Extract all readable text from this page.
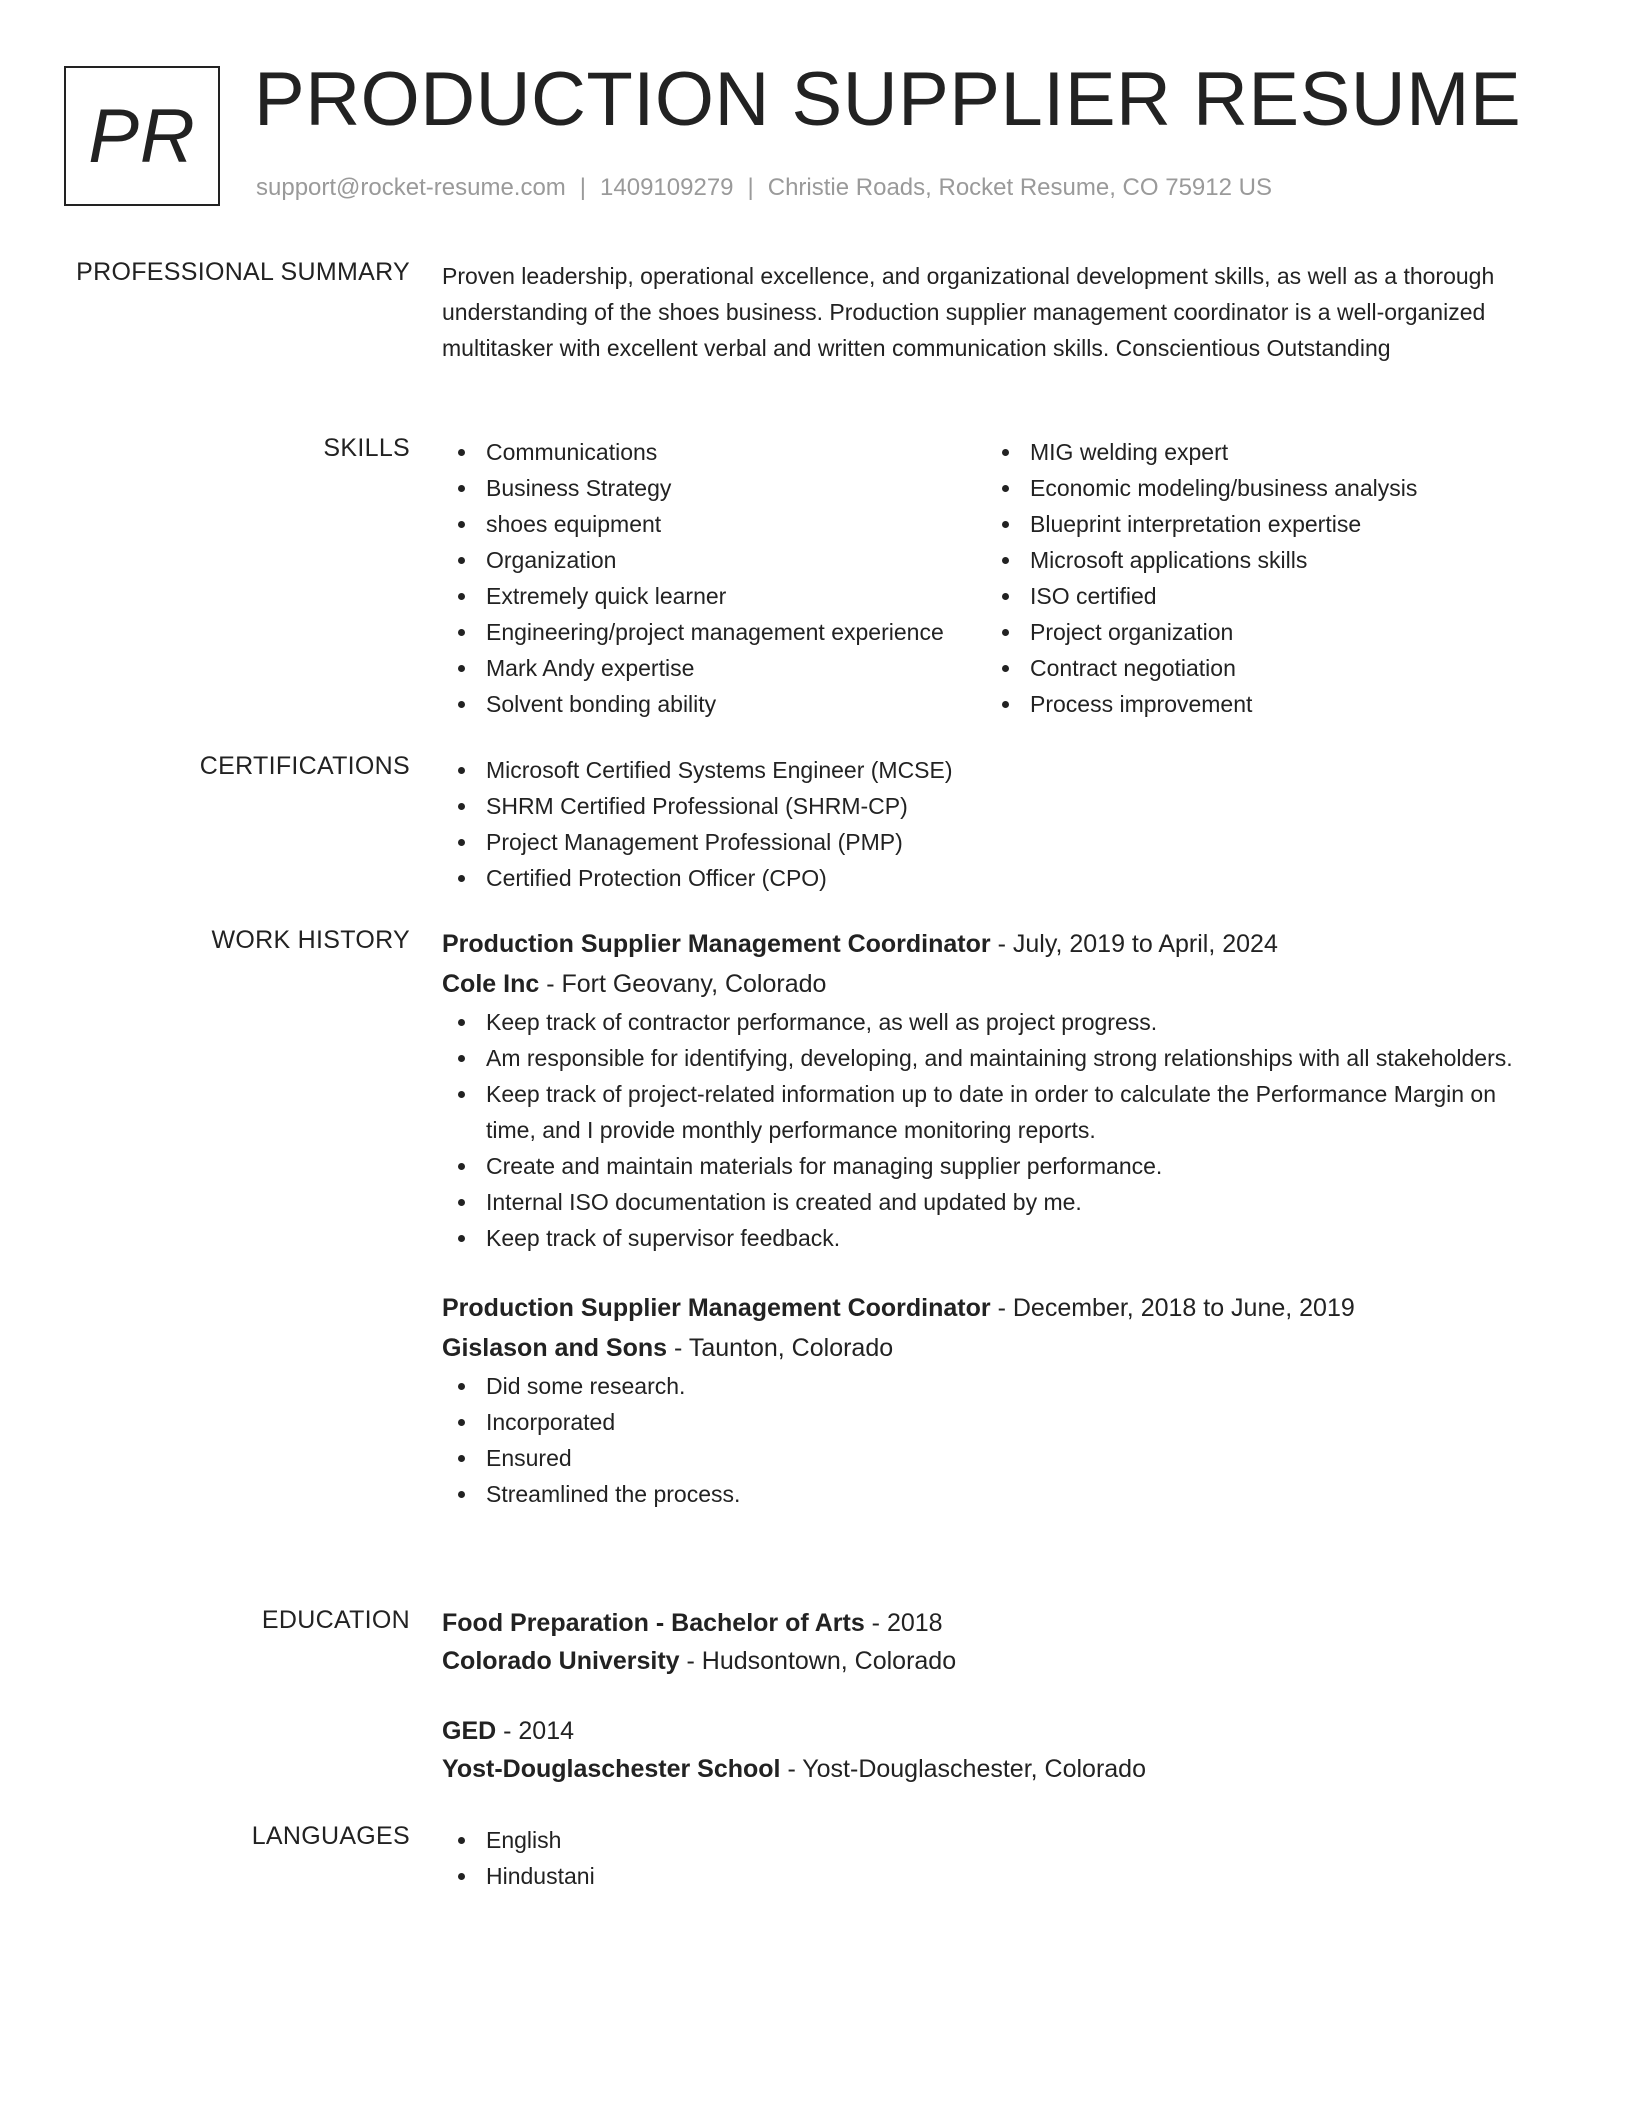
PR PRODUCTION SUPPLIER RESUME
support@rocket-resume.com | 1409109279 | Christie Roads, Rocket Resume, CO 75912 US
PROFESSIONAL SUMMARY Proven leadership, operational excellence, and organizational development skills, as well as a thorough understanding of the shoes business. Production supplier management coordinator is a well-organized multitasker with excellent verbal and written communication skills. Conscientious Outstanding

SKILLS	Communications
Business Strategy
shoes equipment
Organization
Extremely quick learner
Engineering/project management experience
Mark Andy expertise
Solvent bonding ability
MIG welding expert
Economic modeling/business analysis
Blueprint interpretation expertise
Microsoft applications skills
ISO certified
Project organization
Contract negotiation
Process improvement
CERTIFICATIONS	Microsoft Certified Systems Engineer (MCSE)
SHRM Certified Professional (SHRM-CP)
Project Management Professional (PMP)
Certified Protection Officer (CPO)
WORK HISTORY Production Supplier Management Coordinator - July, 2019 to April, 2024
Cole Inc - Fort Geovany, Colorado
Keep track of contractor performance, as well as project progress.
Am responsible for identifying, developing, and maintaining strong relationships with all stakeholders.
Keep track of project-related information up to date in order to calculate the Performance Margin on time, and I provide monthly performance monitoring reports.
Create and maintain materials for managing supplier performance.
Internal ISO documentation is created and updated by me.
Keep track of supervisor feedback.
Production Supplier Management Coordinator - December, 2018 to June, 2019
Gislason and Sons - Taunton, Colorado
Did some research.
Incorporated
Ensured
Streamlined the process.
EDUCATION Food Preparation - Bachelor of Arts - 2018
Colorado University - Hudsontown, Colorado
GED - 2014
Yost-Douglaschester School - Yost-Douglaschester, Colorado
LANGUAGES	English
Hindustani
